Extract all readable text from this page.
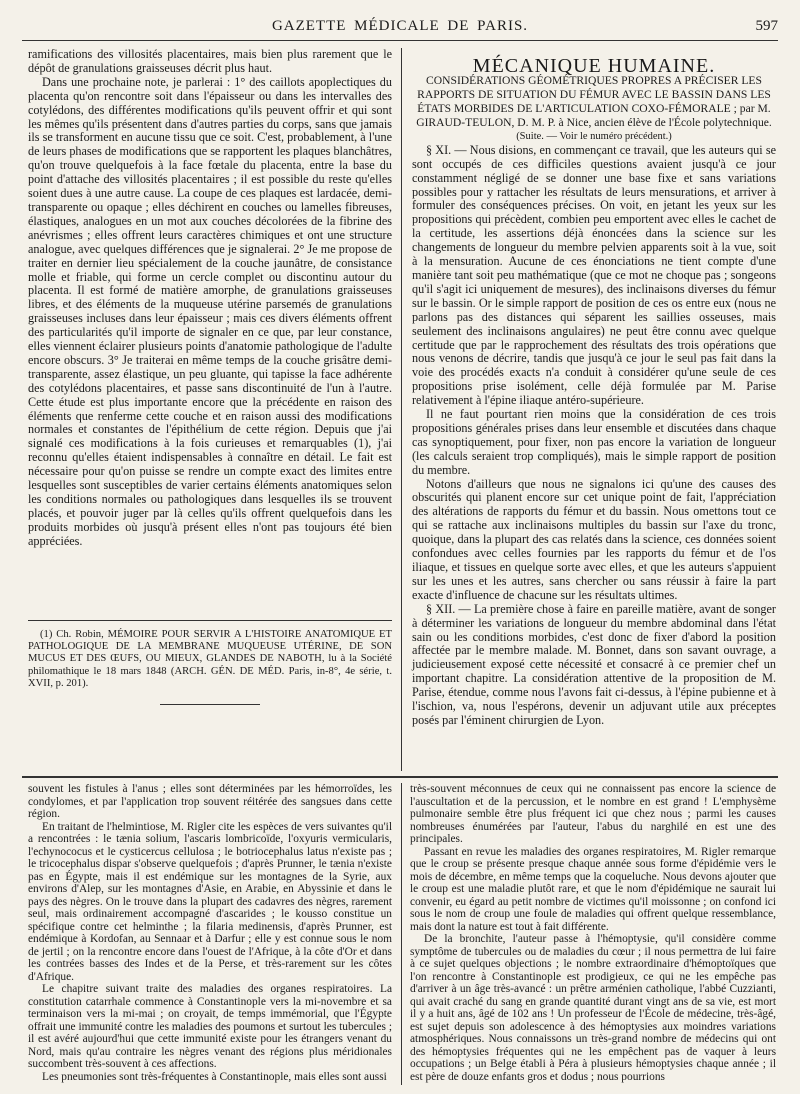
GAZETTE MÉDICALE DE PARIS.	597

ramifications des villosités placentaires, mais bien plus rarement que le dépôt de granulations graisseuses décrit plus haut.

Dans une prochaine note, je parlerai : 1° des caillots apoplectiques du placenta qu'on rencontre soit dans l'épaisseur ou dans les intervalles des cotylédons, des différentes modifications qu'ils peuvent offrir et qui sont les mêmes qu'ils présentent dans d'autres parties du corps, sans que jamais ils se transforment en aucune tissu que ce soit. C'est, probablement, à l'une de leurs phases de modifications que se rapportent les plaques blanchâtres, qu'on trouve quelquefois à la face fœtale du placenta, entre la base du point d'attache des villosités placentaires ; il est possible du reste qu'elles soient dues à une autre cause. La coupe de ces plaques est lardacée, demi-transparente ou opaque ; elles déchirent en couches ou lamelles fibreuses, élastiques, analogues en un mot aux couches décolorées de la fibrine des anévrismes ; elles offrent leurs caractères chimiques et ont une structure analogue, avec quelques différences que je signalerai. 2° Je me propose de traiter en dernier lieu spécialement de la couche jaunâtre, de consistance molle et friable, qui forme un cercle complet ou discontinu autour du placenta. Il est formé de matière amorphe, de granulations graisseuses libres, et des éléments de la muqueuse utérine parsemés de granulations graisseuses incluses dans leur épaisseur ; mais ces divers éléments offrent des particularités qu'il importe de signaler en ce que, par leur constance, elles viennent éclairer plusieurs points d'anatomie pathologique de l'adulte encore obscurs. 3° Je traiterai en même temps de la couche grisâtre demi-transparente, assez élastique, un peu gluante, qui tapisse la face adhérente des cotylédons placentaires, et passe sans discontinuité de l'un à l'autre. Cette étude est plus importante encore que la précédente en raison des éléments que renferme cette couche et en raison aussi des modifications normales et constantes de l'épithélium de cette région. Depuis que j'ai signalé ces modifications à la fois curieuses et remarquables (1), j'ai reconnu qu'elles étaient indispensables à connaître en détail. Le fait est nécessaire pour qu'on puisse se rendre un compte exact des limites entre lesquelles sont susceptibles de varier certains éléments anatomiques selon les conditions normales ou pathologiques dans lesquelles ils se trouvent placés, et pouvoir juger par là celles qu'ils offrent quelquefois dans les produits morbides où jusqu'à présent elles n'ont pas toujours été bien appréciées.

(1) Ch. Robin, MÉMOIRE POUR SERVIR A L'HISTOIRE ANATOMIQUE ET PATHOLOGIQUE DE LA MEMBRANE MUQUEUSE UTÉRINE, DE SON MUCUS ET DES ŒUFS, OU MIEUX, GLANDES DE NABOTH, lu à la Société philomathique le 18 mars 1848 (ARCH. GÉN. DE MÉD. Paris, in-8°, 4e série, t. XVII, p. 201).

MÉCANIQUE HUMAINE.

CONSIDÉRATIONS GÉOMÉTRIQUES PROPRES A PRÉCISER LES RAPPORTS DE SITUATION DU FÉMUR AVEC LE BASSIN DANS LES ÉTATS MORBIDES DE L'ARTICULATION COXO-FÉMORALE ; par M. GIRAUD-TEULON, D. M. P. à Nice, ancien élève de l'École polytechnique.

(Suite. — Voir le numéro précédent.)

§ XI. — Nous disions, en commençant ce travail, que les auteurs qui se sont occupés de ces difficiles questions avaient jusqu'à ce jour constamment négligé de se donner une base fixe et sans variations possibles pour y rattacher les résultats de leurs mensurations, et arriver à formuler des conséquences précises. On voit, en jetant les yeux sur les propositions qui précèdent, combien peu emportent avec elles le cachet de la certitude, les assertions déjà énoncées dans la science sur les changements de longueur du membre pelvien apparents soit à la vue, soit à la mensuration. Aucune de ces énonciations ne tient compte d'une manière tant soit peu mathématique (que ce mot ne choque pas ; songeons qu'il s'agit ici uniquement de mesures), des inclinaisons diverses du fémur sur le bassin. Or le simple rapport de position de ces os entre eux (nous ne parlons pas des distances qui séparent les saillies osseuses, mais seulement des inclinaisons angulaires) ne peut être connu avec quelque certitude que par le rapprochement des résultats des trois opérations que nous venons de décrire, tandis que jusqu'à ce jour le seul pas fait dans la voie des procédés exacts n'a conduit à considérer qu'une seule de ces propositions prise isolément, celle déjà formulée par M. Parise relativement à l'épine iliaque antéro-supérieure.

Il ne faut pourtant rien moins que la considération de ces trois propositions générales prises dans leur ensemble et discutées dans chaque cas synoptiquement, pour fixer, non pas encore la variation de longueur (les calculs seraient trop compliqués), mais le simple rapport de position du membre.

Notons d'ailleurs que nous ne signalons ici qu'une des causes des obscurités qui planent encore sur cet unique point de fait, l'appréciation des altérations de rapports du fémur et du bassin. Nous omettons tout ce qui se rattache aux inclinaisons multiples du bassin sur l'axe du tronc, quoique, dans la plupart des cas relatés dans la science, ces données soient confondues avec celles fournies par les rapports du fémur et de l'os iliaque, et tissues en quelque sorte avec elles, et que les auteurs s'appuient sur les unes et les autres, sans chercher ou sans réussir à faire la part exacte d'influence de chacune sur les résultats ultimes.

§ XII. — La première chose à faire en pareille matière, avant de songer à déterminer les variations de longueur du membre abdominal dans l'état sain ou les conditions morbides, c'est donc de fixer d'abord la position affectée par le membre malade. M. Bonnet, dans son savant ouvrage, a judicieusement exposé cette nécessité et consacré à ce premier chef un important chapitre. La considération attentive de la proposition de M. Parise, étendue, comme nous l'avons fait ci-dessus, à l'épine pubienne et à l'ischion, va, nous l'espérons, devenir un adjuvant utile aux préceptes posés par l'éminent chirurgien de Lyon.

souvent les fistules à l'anus ; elles sont déterminées par les hémorroïdes, les condylomes, et par l'application trop souvent réitérée des sangsues dans cette région.

En traitant de l'helmintiose, M. Rigler cite les espèces de vers suivantes qu'il a rencontrées : le tænia solium, l'ascaris lombricoïde, l'oxyuris vermicularis, l'echynococus et le cysticercus cellulosa ; le botriocephalus latus n'existe pas ; le tricocephalus dispar s'observe quelquefois ; d'après Prunner, le tænia n'existe pas en Égypte, mais il est endémique sur les montagnes de la Syrie, aux environs d'Alep, sur les montagnes d'Asie, en Arabie, en Abyssinie et dans le pays des nègres. On le trouve dans la plupart des cadavres des nègres, rarement seul, mais ordinairement accompagné d'ascarides ; le kousso constitue un spécifique contre cet helminthe ; la filaria medinensis, d'après Prunner, est endémique à Kordofan, au Sennaar et à Darfur ; elle y est connue sous le nom de jertil ; on la rencontre encore dans l'ouest de l'Afrique, à la côte d'Or et dans les contrées basses des Indes et de la Perse, et très-rarement sur les côtes d'Afrique.

Le chapitre suivant traite des maladies des organes respiratoires. La constitution catarrhale commence à Constantinople vers la mi-novembre et sa terminaison vers la mi-mai ; on croyait, de temps immémorial, que l'Égypte offrait une immunité contre les maladies des poumons et surtout les tubercules ; il est avéré aujourd'hui que cette immunité existe pour les étrangers venant du Nord, mais qu'au contraire les nègres venant des régions plus méridionales succombent très-souvent à ces affections.

Les pneumonies sont très-fréquentes à Constantinople, mais elles sont aussi

très-souvent méconnues de ceux qui ne connaissent pas encore la science de l'auscultation et de la percussion, et le nombre en est grand ! L'emphysème pulmonaire semble être plus fréquent ici que chez nous ; parmi les causes nombreuses énumérées par l'auteur, l'abus du narghilé en est une des principales.

Passant en revue les maladies des organes respiratoires, M. Rigler remarque que le croup se présente presque chaque année sous forme d'épidémie vers le mois de décembre, en même temps que la coqueluche. Nous devons ajouter que le croup est une maladie plutôt rare, et que le nom d'épidémique ne saurait lui convenir, eu égard au petit nombre de victimes qu'il moissonne ; on confond ici sous le nom de croup une foule de maladies qui offrent quelque ressemblance, mais dont la nature est tout à fait différente.

De la bronchite, l'auteur passe à l'hémoptysie, qu'il considère comme symptôme de tubercules ou de maladies du cœur ; il nous permettra de lui faire à ce sujet quelques objections ; le nombre extraordinaire d'hémoptoïques que l'on rencontre à Constantinople est prodigieux, ce qui ne les empêche pas d'arriver à un âge très-avancé : un prêtre arménien catholique, l'abbé Cuzzianti, qui avait craché du sang en grande quantité durant vingt ans de sa vie, est mort il y a huit ans, âgé de 102 ans ! Un professeur de l'École de médecine, très-âgé, est sujet depuis son adolescence à des hémoptysies aux moindres variations atmosphériques. Nous connaissons un très-grand nombre de médecins qui ont des hémoptysies fréquentes qui ne les empêchent pas de vaquer à leurs occupations ; un Belge établi à Péra à plusieurs hémoptysies chaque année ; il est père de douze enfants gros et dodus ; nous pourrions
